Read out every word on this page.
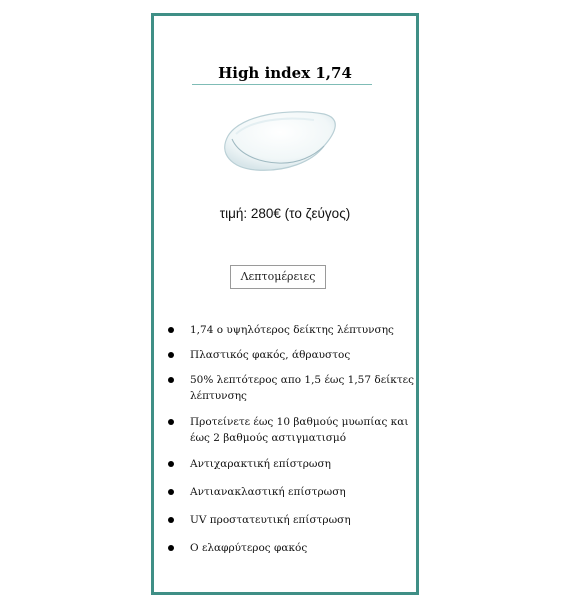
High index 1,74
τιμή: 280€ (το ζεύγος)
Λεπτομέρειες
1,74 ο υψηλότερος δείκτης λέπτυνσης
Πλαστικός φακός, άθραυστος
50% λεπτότερος απο 1,5 έως 1,57 δείκτες λέπτυνσης
Προτείνετε έως 10 βαθμούς μυωπίας και έως 2 βαθμούς αστιγματισμό
Αντιχαρακτική επίστρωση
Αντιανακλαστική επίστρωση
UV προστατευτική επίστρωση
Ο ελαφρύτερος φακός
